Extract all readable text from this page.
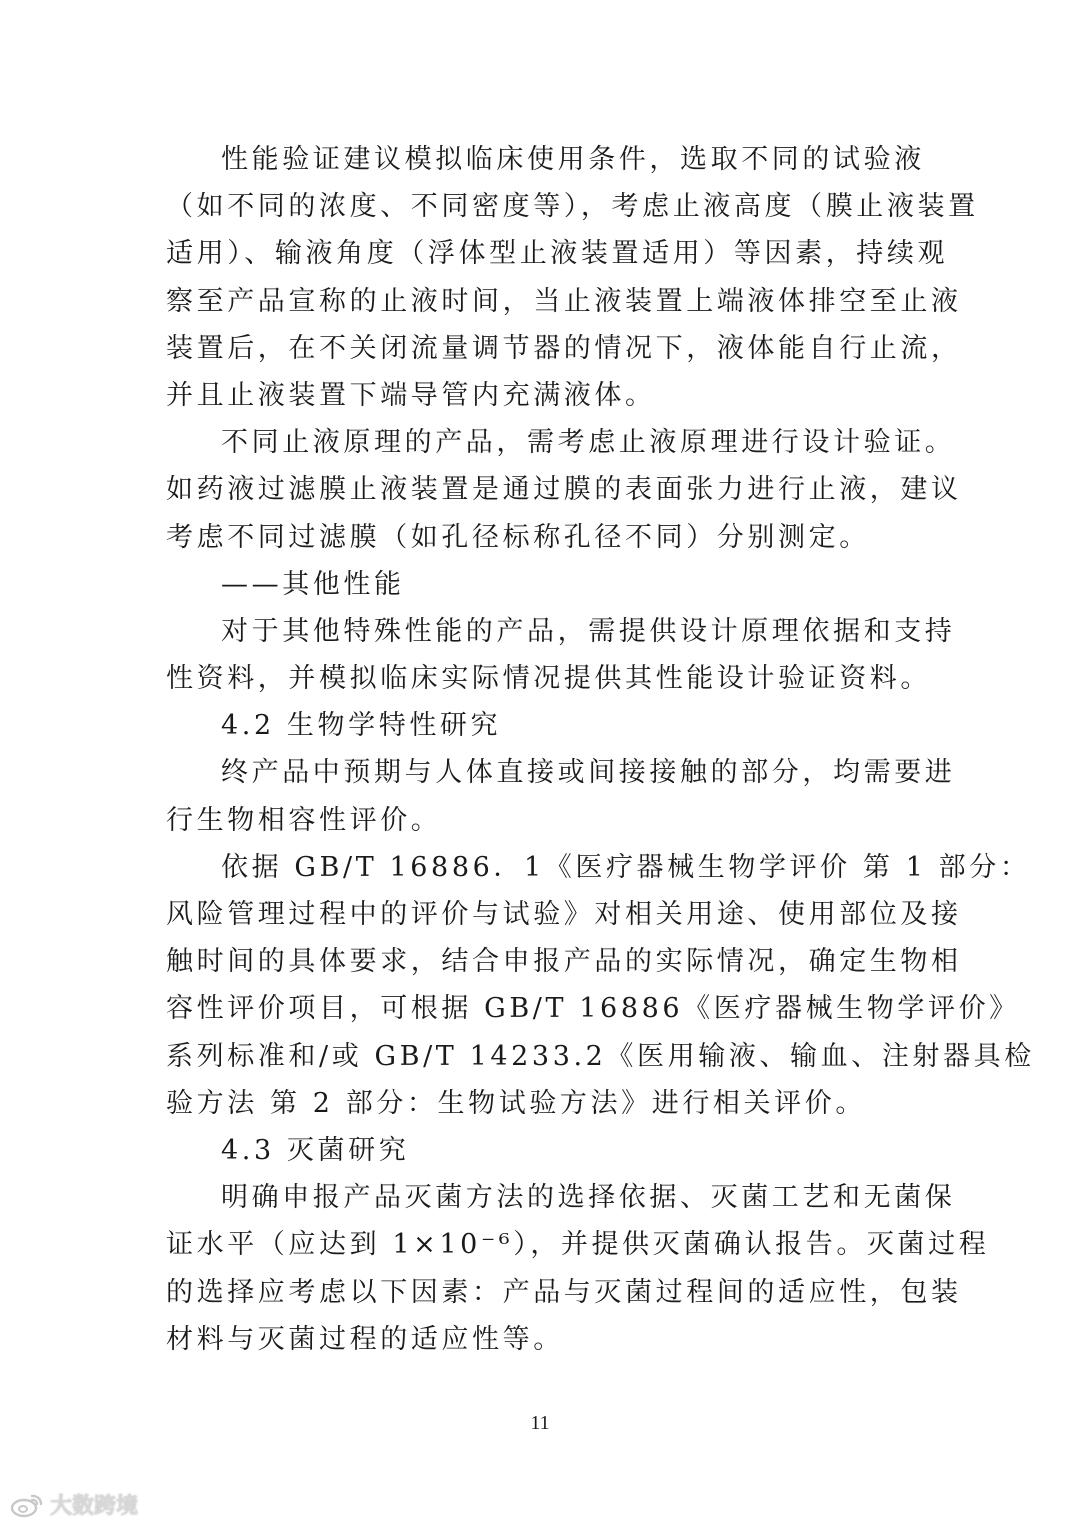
性能验证建议模拟临床使用条件，选取不同的试验液
（如不同的浓度、不同密度等），考虑止液高度（膜止液装置
适用）、输液角度（浮体型止液装置适用）等因素，持续观
察至产品宣称的止液时间，当止液装置上端液体排空至止液
装置后，在不关闭流量调节器的情况下，液体能自行止流，
并且止液装置下端导管内充满液体。
不同止液原理的产品，需考虑止液原理进行设计验证。
如药液过滤膜止液装置是通过膜的表面张力进行止液，建议
考虑不同过滤膜（如孔径标称孔径不同）分别测定。
——其他性能
对于其他特殊性能的产品，需提供设计原理依据和支持
性资料，并模拟临床实际情况提供其性能设计验证资料。
4.2 生物学特性研究
终产品中预期与人体直接或间接接触的部分，均需要进
行生物相容性评价。
依据 GB/T 16886．1《医疗器械生物学评价 第 1 部分：
风险管理过程中的评价与试验》对相关用途、使用部位及接
触时间的具体要求，结合申报产品的实际情况，确定生物相
容性评价项目，可根据 GB/T 16886《医疗器械生物学评价》
系列标准和/或 GB/T 14233.2《医用输液、输血、注射器具检
验方法 第 2 部分：生物试验方法》进行相关评价。
4.3 灭菌研究
明确申报产品灭菌方法的选择依据、灭菌工艺和无菌保
证水平（应达到 1×10⁻⁶），并提供灭菌确认报告。灭菌过程
的选择应考虑以下因素：产品与灭菌过程间的适应性，包装
材料与灭菌过程的适应性等。
11
大数跨境
